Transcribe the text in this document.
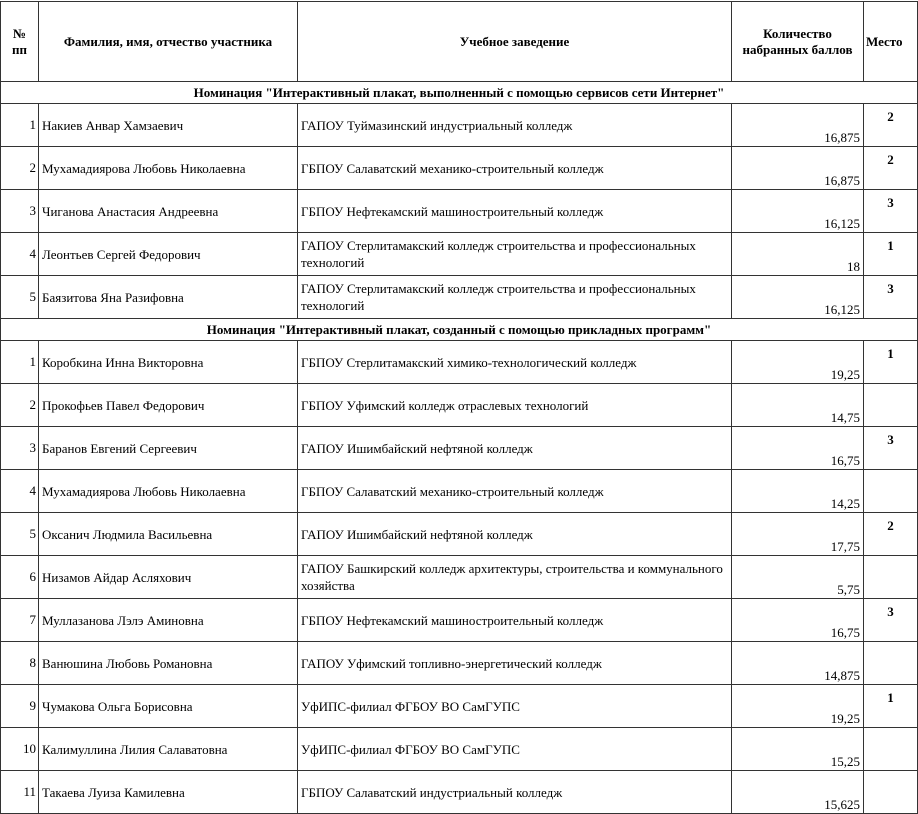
№ пп	Фамилия, имя, отчество участника	Учебное заведение	Количество набранных баллов	Место
Номинация "Интерактивный плакат, выполненный с помощью сервисов сети Интернет"				
1	Накиев Анвар Хамзаевич	ГАПОУ Туймазинский индустриальный колледж	16,875	2
2	Мухамадиярова Любовь Николаевна	ГБПОУ Салаватский механико-строительный колледж	16,875	2
3	Чиганова Анастасия Андреевна	ГБПОУ Нефтекамский машиностроительный колледж	16,125	3
4	Леонтьев Сергей Федорович	ГАПОУ Стерлитамакский колледж строительства и профессиональных технологий	18	1
5	Баязитова Яна Разифовна	ГАПОУ Стерлитамакский колледж строительства и профессиональных технологий	16,125	3
Номинация "Интерактивный плакат, созданный с помощью прикладных программ"				
1	Коробкина Инна Викторовна	ГБПОУ Стерлитамакский химико-технологический колледж	19,25	1
2	Прокофьев Павел Федорович	ГБПОУ Уфимский колледж отраслевых технологий	14,75	
3	Баранов Евгений Сергеевич	ГАПОУ Ишимбайский нефтяной колледж	16,75	3
4	Мухамадиярова Любовь Николаевна	ГБПОУ Салаватский механико-строительный колледж	14,25	
5	Оксанич Людмила Васильевна	ГАПОУ Ишимбайский нефтяной колледж	17,75	2
6	Низамов Айдар Асляхович	ГАПОУ Башкирский колледж архитектуры, строительства и коммунального хозяйства	5,75	
7	Муллазанова Лэлэ Аминовна	ГБПОУ Нефтекамский машиностроительный колледж	16,75	3
8	Ванюшина Любовь Романовна	ГАПОУ Уфимский топливно-энергетический колледж	14,875	
9	Чумакова Ольга Борисовна	УфИПС-филиал ФГБОУ ВО СамГУПС	19,25	1
10	Калимуллина Лилия Салаватовна	УфИПС-филиал ФГБОУ ВО СамГУПС	15,25	
11	Такаева Луиза Камилевна	ГБПОУ Салаватский индустриальный колледж	15,625	
